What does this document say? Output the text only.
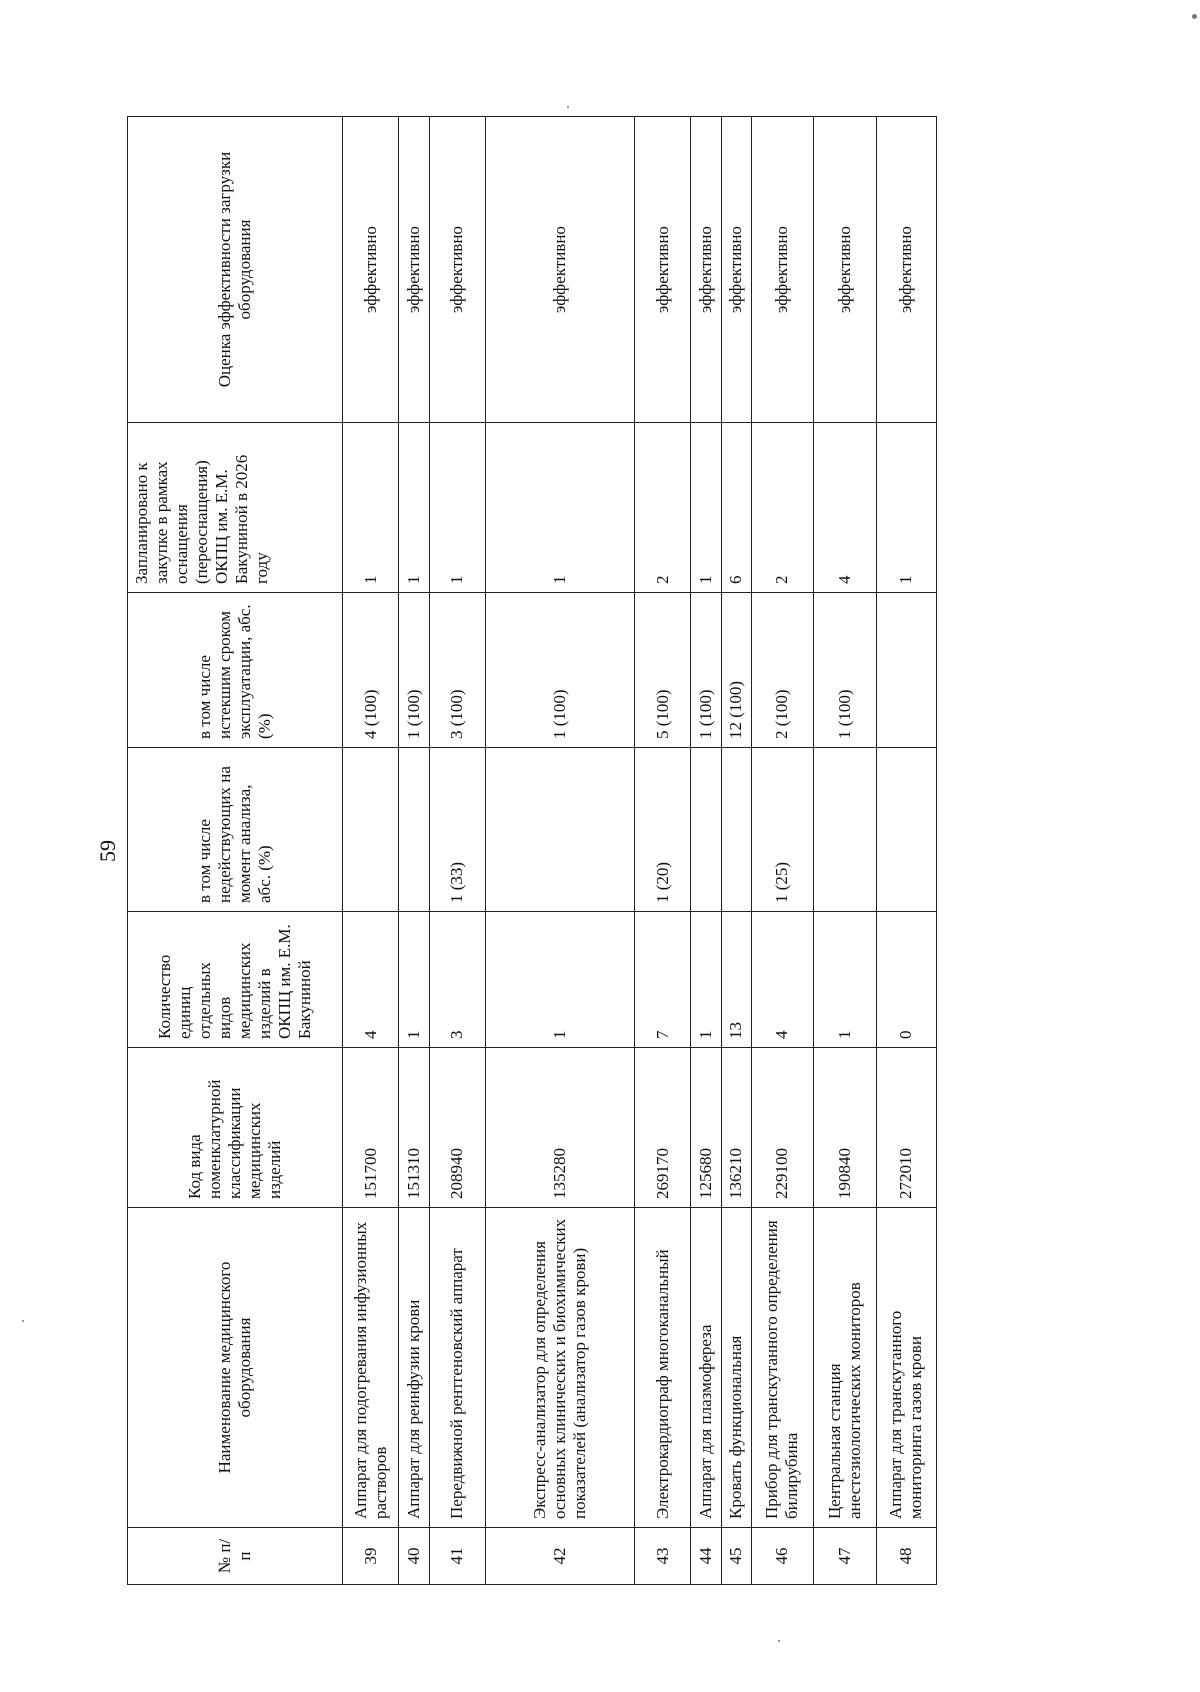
59
№ п/п	Наименование медицинского оборудования	Код вида номенклатурной классификации медицинских изделий	Количество единиц отдельных видов медицинских изделий в ОКПЦ им. Е.М. Бакуниной	в том числе недействующих на момент анализа, абс. (%)	в том числе истекшим сроком эксплуатации, абс. (%)	Запланировано к закупке в рамках оснащения (переоснащения) ОКПЦ им. Е.М. Бакуниной в 2026 году	Оценка эффективности загрузки оборудования
39	Аппарат для подогревания инфузионных растворов	151700	4		4 (100)	1	эффективно
40	Аппарат для реинфузии крови	151310	1		1 (100)	1	эффективно
41	Передвижной рентгеновский аппарат	208940	3	1 (33)	3 (100)	1	эффективно
42	Экспресс-анализатор для определения основных клинических и биохимических показателей (анализатор газов крови)	135280	1		1 (100)	1	эффективно
43	Электрокардиограф многоканальный	269170	7	1 (20)	5 (100)	2	эффективно
44	Аппарат для плазмофереза	125680	1		1 (100)	1	эффективно
45	Кровать функциональная	136210	13		12 (100)	6	эффективно
46	Прибор для транскутанного определения билирубина	229100	4	1 (25)	2 (100)	2	эффективно
47	Центральная станция анестезиологических мониторов	190840	1		1 (100)	4	эффективно
48	Аппарат для транскутанного мониторинга газов крови	272010	0			1	эффективно
